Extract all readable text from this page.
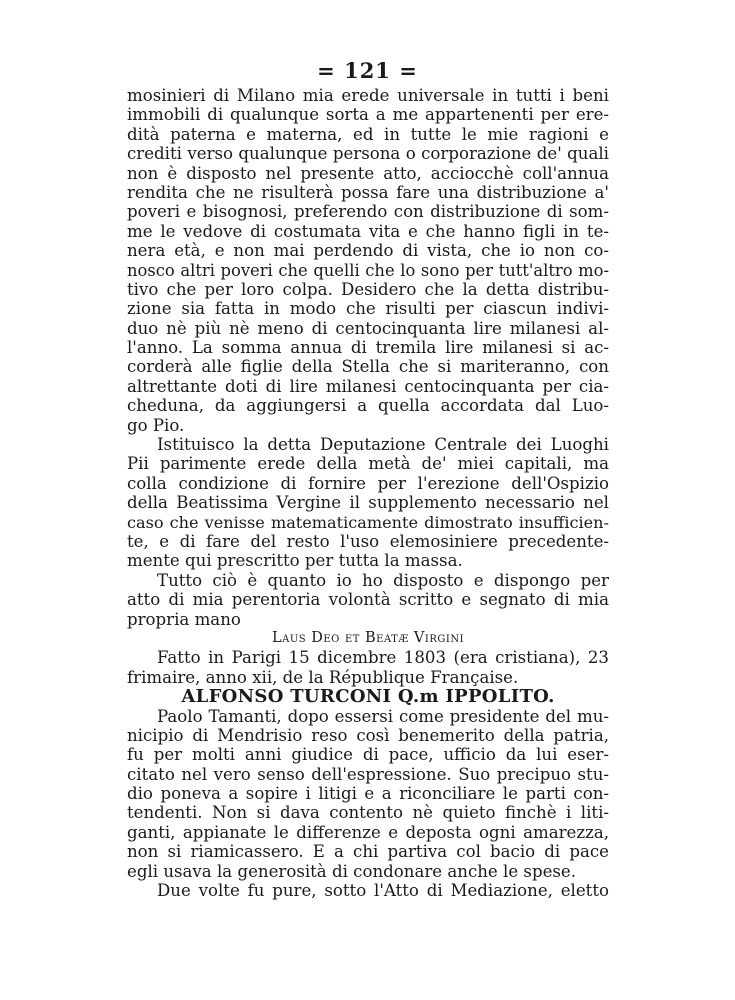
= 121 =
mosinieri di Milano mia erede universale in tutti i beni
immobili di qualunque sorta a me appartenenti per ere-
dità paterna e materna, ed in tutte le mie ragioni e
crediti verso qualunque persona o corporazione de' quali
non è disposto nel presente atto, acciocchè coll'annua
rendita che ne risulterà possa fare una distribuzione a'
poveri e bisognosi, preferendo con distribuzione di som-
me le vedove di costumata vita e che hanno figli in te-
nera età, e non mai perdendo di vista, che io non co-
nosco altri poveri che quelli che lo sono per tutt'altro mo-
tivo che per loro colpa. Desidero che la detta distribu-
zione sia fatta in modo che risulti per ciascun indivi-
duo nè più nè meno di centocinquanta lire milanesi al-
l'anno. La somma annua di tremila lire milanesi si ac-
corderà alle figlie della Stella che si mariteranno, con
altrettante doti di lire milanesi centocinquanta per cia-
cheduna, da aggiungersi a quella accordata dal Luo-
go Pio.
Istituisco la detta Deputazione Centrale dei Luoghi
Pii parimente erede della metà de' miei capitali, ma
colla condizione di fornire per l'erezione dell'Ospizio
della Beatissima Vergine il supplemento necessario nel
caso che venisse matematicamente dimostrato insufficien-
te, e di fare del resto l'uso elemosiniere precedente-
mente qui prescritto per tutta la massa.
Tutto ciò è quanto io ho disposto e dispongo per
atto di mia perentoria volontà scritto e segnato di mia
propria mano
Laus Deo et Beatæ Virgini
Fatto in Parigi 15 dicembre 1803 (era cristiana), 23
frimaire, anno xii, de la République Française.
ALFONSO TURCONI Q.m IPPOLITO.
Paolo Tamanti, dopo essersi come presidente del mu-
nicipio di Mendrisio reso così benemerito della patria,
fu per molti anni giudice di pace, ufficio da lui eser-
citato nel vero senso dell'espressione. Suo precipuo stu-
dio poneva a sopire i litigi e a riconciliare le parti con-
tendenti. Non si dava contento nè quieto finchè i liti-
ganti, appianate le differenze e deposta ogni amarezza,
non si riamicassero. E a chi partiva col bacio di pace
egli usava la generosità di condonare anche le spese.
Due volte fu pure, sotto l'Atto di Mediazione, eletto
